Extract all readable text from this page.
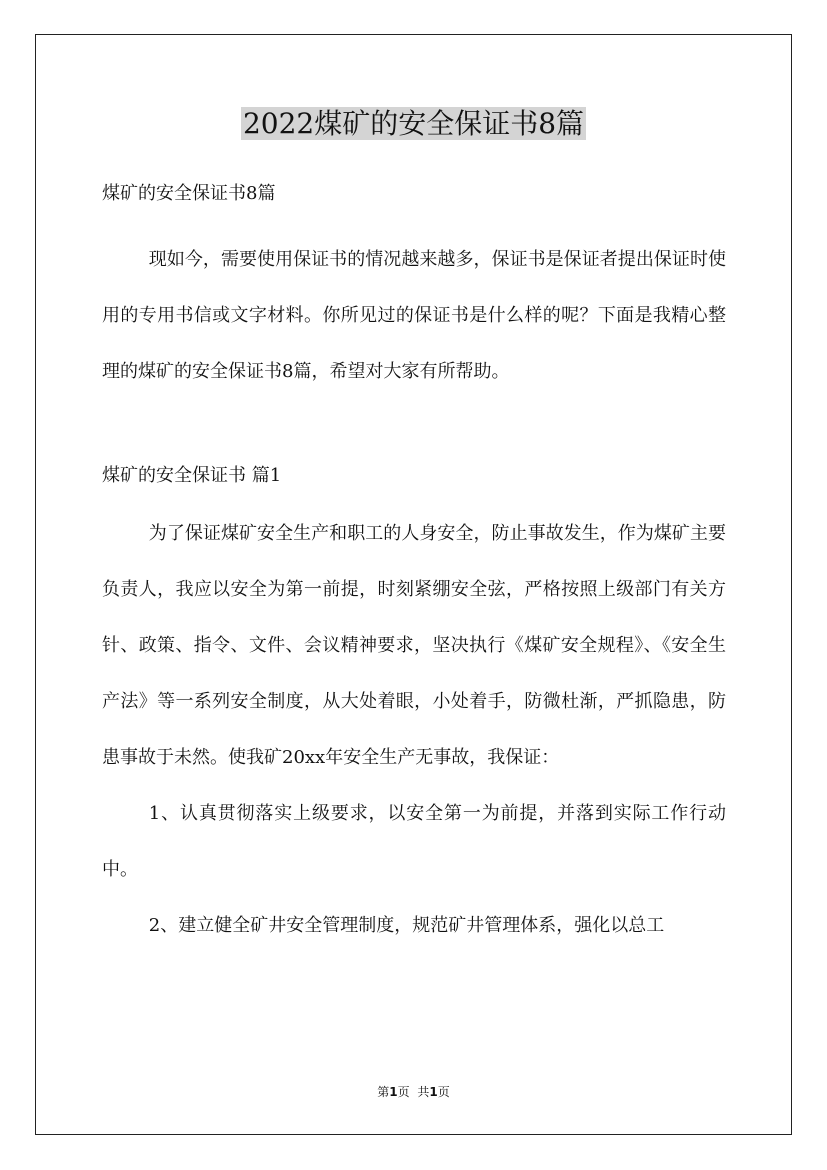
2022煤矿的安全保证书8篇

煤矿的安全保证书8篇

现如今，需要使用保证书的情况越来越多，保证书是保证者提出保证时使用的专用书信或文字材料。你所见过的保证书是什么样的呢？下面是我精心整理的煤矿的安全保证书8篇，希望对大家有所帮助。

煤矿的安全保证书 篇1

为了保证煤矿安全生产和职工的人身安全，防止事故发生，作为煤矿主要负责人，我应以安全为第一前提，时刻紧绷安全弦，严格按照上级部门有关方针、政策、指令、文件、会议精神要求，坚决执行《煤矿安全规程》、《安全生产法》等一系列安全制度，从大处着眼，小处着手，防微杜渐，严抓隐患，防患事故于未然。使我矿20xx年安全生产无事故，我保证：

1、认真贯彻落实上级要求，以安全第一为前提，并落到实际工作行动中。

2、建立健全矿井安全管理制度，规范矿井管理体系，强化以总工

第1页 共1页
